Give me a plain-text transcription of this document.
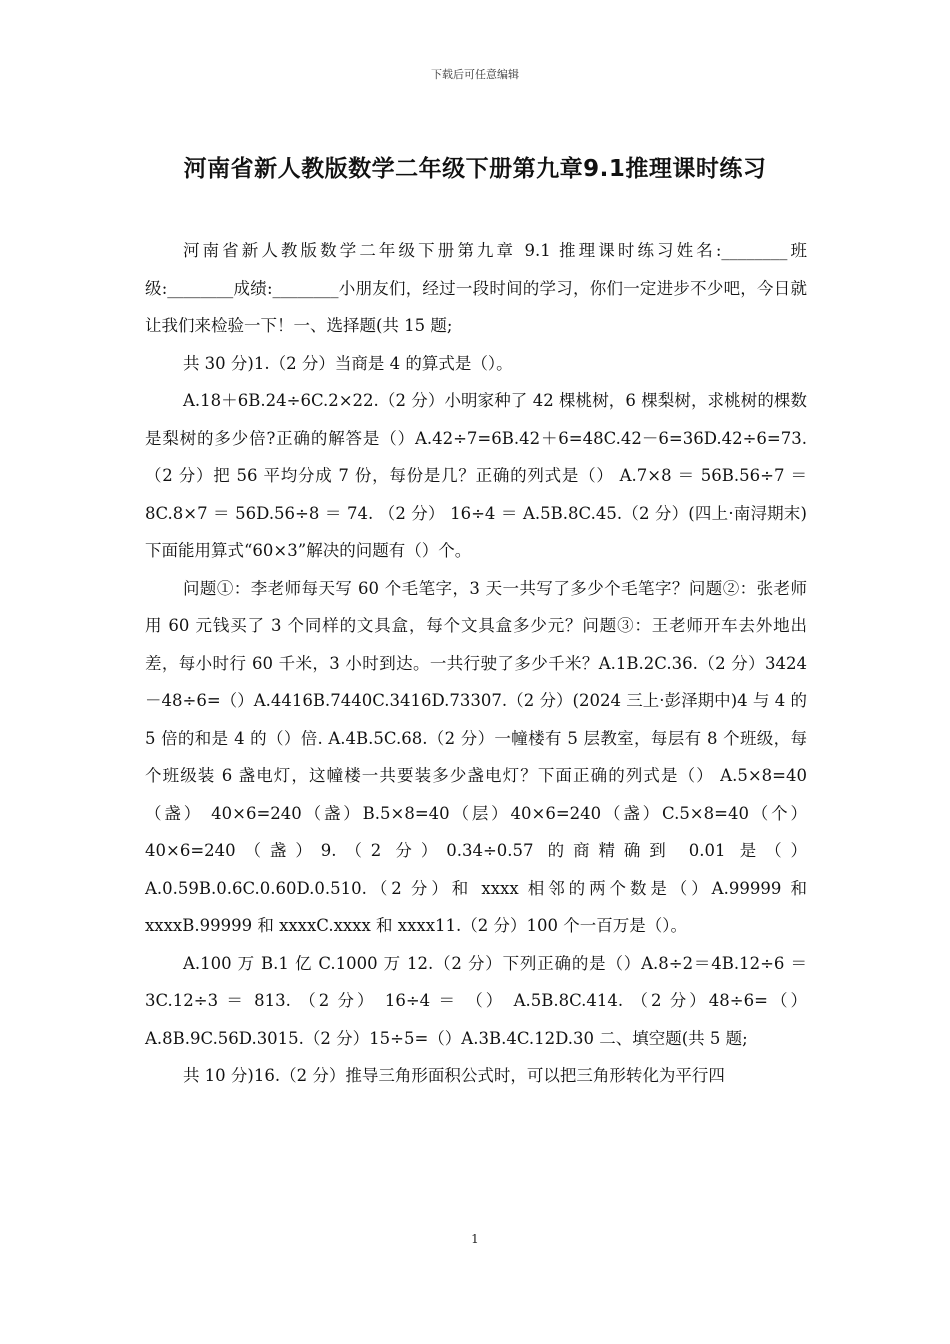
下载后可任意编辑
河南省新人教版数学二年级下册第九章9.1推理课时练习

河南省新人教版数学二年级下册第九章 9.1 推理课时练习姓名:________班级:________成绩:________小朋友们，经过一段时间的学习，你们一定进步不少吧，今日就让我们来检验一下！一、选择题(共 15 题;

共 30 分)1.（2 分）当商是 4 的算式是（）。

A.18＋6B.24÷6C.2×22.（2 分）小明家种了 42 棵桃树，6 棵梨树，求桃树的棵数是梨树的多少倍?正确的解答是（）A.42÷7=6B.42＋6=48C.42－6=36D.42÷6=73.（2 分）把 56 平均分成 7 份，每份是几？正确的列式是（） A.7×8 ＝ 56B.56÷7 ＝ 8C.8×7 ＝ 56D.56÷8 ＝ 74. （2 分） 16÷4 ＝ A.5B.8C.45.（2 分）(四上·南浔期末)下面能用算式“60×3”解决的问题有（）个。

问题①：李老师每天写 60 个毛笔字，3 天一共写了多少个毛笔字？问题②：张老师用 60 元钱买了 3 个同样的文具盒，每个文具盒多少元？问题③：王老师开车去外地出差，每小时行 60 千米，3 小时到达。一共行驶了多少千米？A.1B.2C.36.（2 分）3424－48÷6=（）A.4416B.7440C.3416D.73307.（2 分）(2024 三上·彭泽期中)4 与 4 的 5 倍的和是 4 的（）倍. A.4B.5C.68.（2 分）一幢楼有 5 层教室，每层有 8 个班级，每个班级装 6 盏电灯，这幢楼一共要装多少盏电灯？下面正确的列式是（） A.5×8=40 （盏） 40×6=240（盏）B.5×8=40（层）40×6=240（盏）C.5×8=40（个）40×6=240（盏）9.（2 分）0.34÷0.57 的商精确到 0.01 是（）A.0.59B.0.6C.0.60D.0.510.（2 分）和 xxxx 相邻的两个数是（）A.99999 和 xxxxB.99999 和 xxxxC.xxxx 和 xxxx11.（2 分）100 个一百万是（）。

A.100 万 B.1 亿 C.1000 万 12.（2 分）下列正确的是（）A.8÷2＝4B.12÷6 ＝ 3C.12÷3 ＝ 813. （2 分） 16÷4 ＝ （） A.5B.8C.414. （2 分）48÷6=（）A.8B.9C.56D.3015.（2 分）15÷5=（）A.3B.4C.12D.30 二、填空题(共 5 题;

共 10 分)16.（2 分）推导三角形面积公式时，可以把三角形转化为平行四

1
